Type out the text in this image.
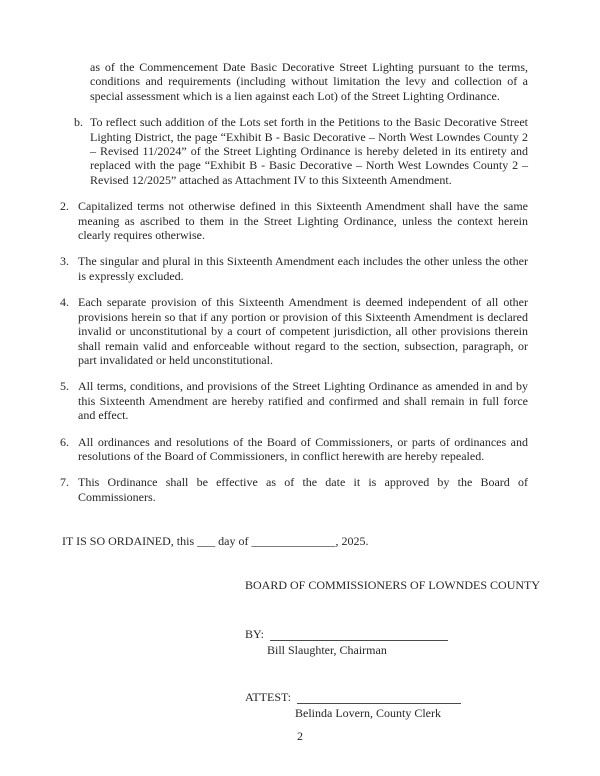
as of the Commencement Date Basic Decorative Street Lighting pursuant to the terms, conditions and requirements (including without limitation the levy and collection of a special assessment which is a lien against each Lot) of the Street Lighting Ordinance.

b. To reflect such addition of the Lots set forth in the Petitions to the Basic Decorative Street Lighting District, the page “Exhibit B - Basic Decorative – North West Lowndes County 2 – Revised 11/2024” of the Street Lighting Ordinance is hereby deleted in its entirety and replaced with the page “Exhibit B - Basic Decorative – North West Lowndes County 2 – Revised 12/2025” attached as Attachment IV to this Sixteenth Amendment.
2. Capitalized terms not otherwise defined in this Sixteenth Amendment shall have the same meaning as ascribed to them in the Street Lighting Ordinance, unless the context herein clearly requires otherwise.
3. The singular and plural in this Sixteenth Amendment each includes the other unless the other is expressly excluded.
4. Each separate provision of this Sixteenth Amendment is deemed independent of all other provisions herein so that if any portion or provision of this Sixteenth Amendment is declared invalid or unconstitutional by a court of competent jurisdiction, all other provisions therein shall remain valid and enforceable without regard to the section, subsection, paragraph, or part invalidated or held unconstitutional.
5. All terms, conditions, and provisions of the Street Lighting Ordinance as amended in and by this Sixteenth Amendment are hereby ratified and confirmed and shall remain in full force and effect.
6. All ordinances and resolutions of the Board of Commissioners, or parts of ordinances and resolutions of the Board of Commissioners, in conflict herewith are hereby repealed.
7. This Ordinance shall be effective as of the date it is approved by the Board of Commissioners.

IT IS SO ORDAINED, this ___ day of ______________, 2025.

BOARD OF COMMISSIONERS OF LOWNDES COUNTY
BY:
Bill Slaughter, Chairman
ATTEST:
Belinda Lovern, County Clerk
2
